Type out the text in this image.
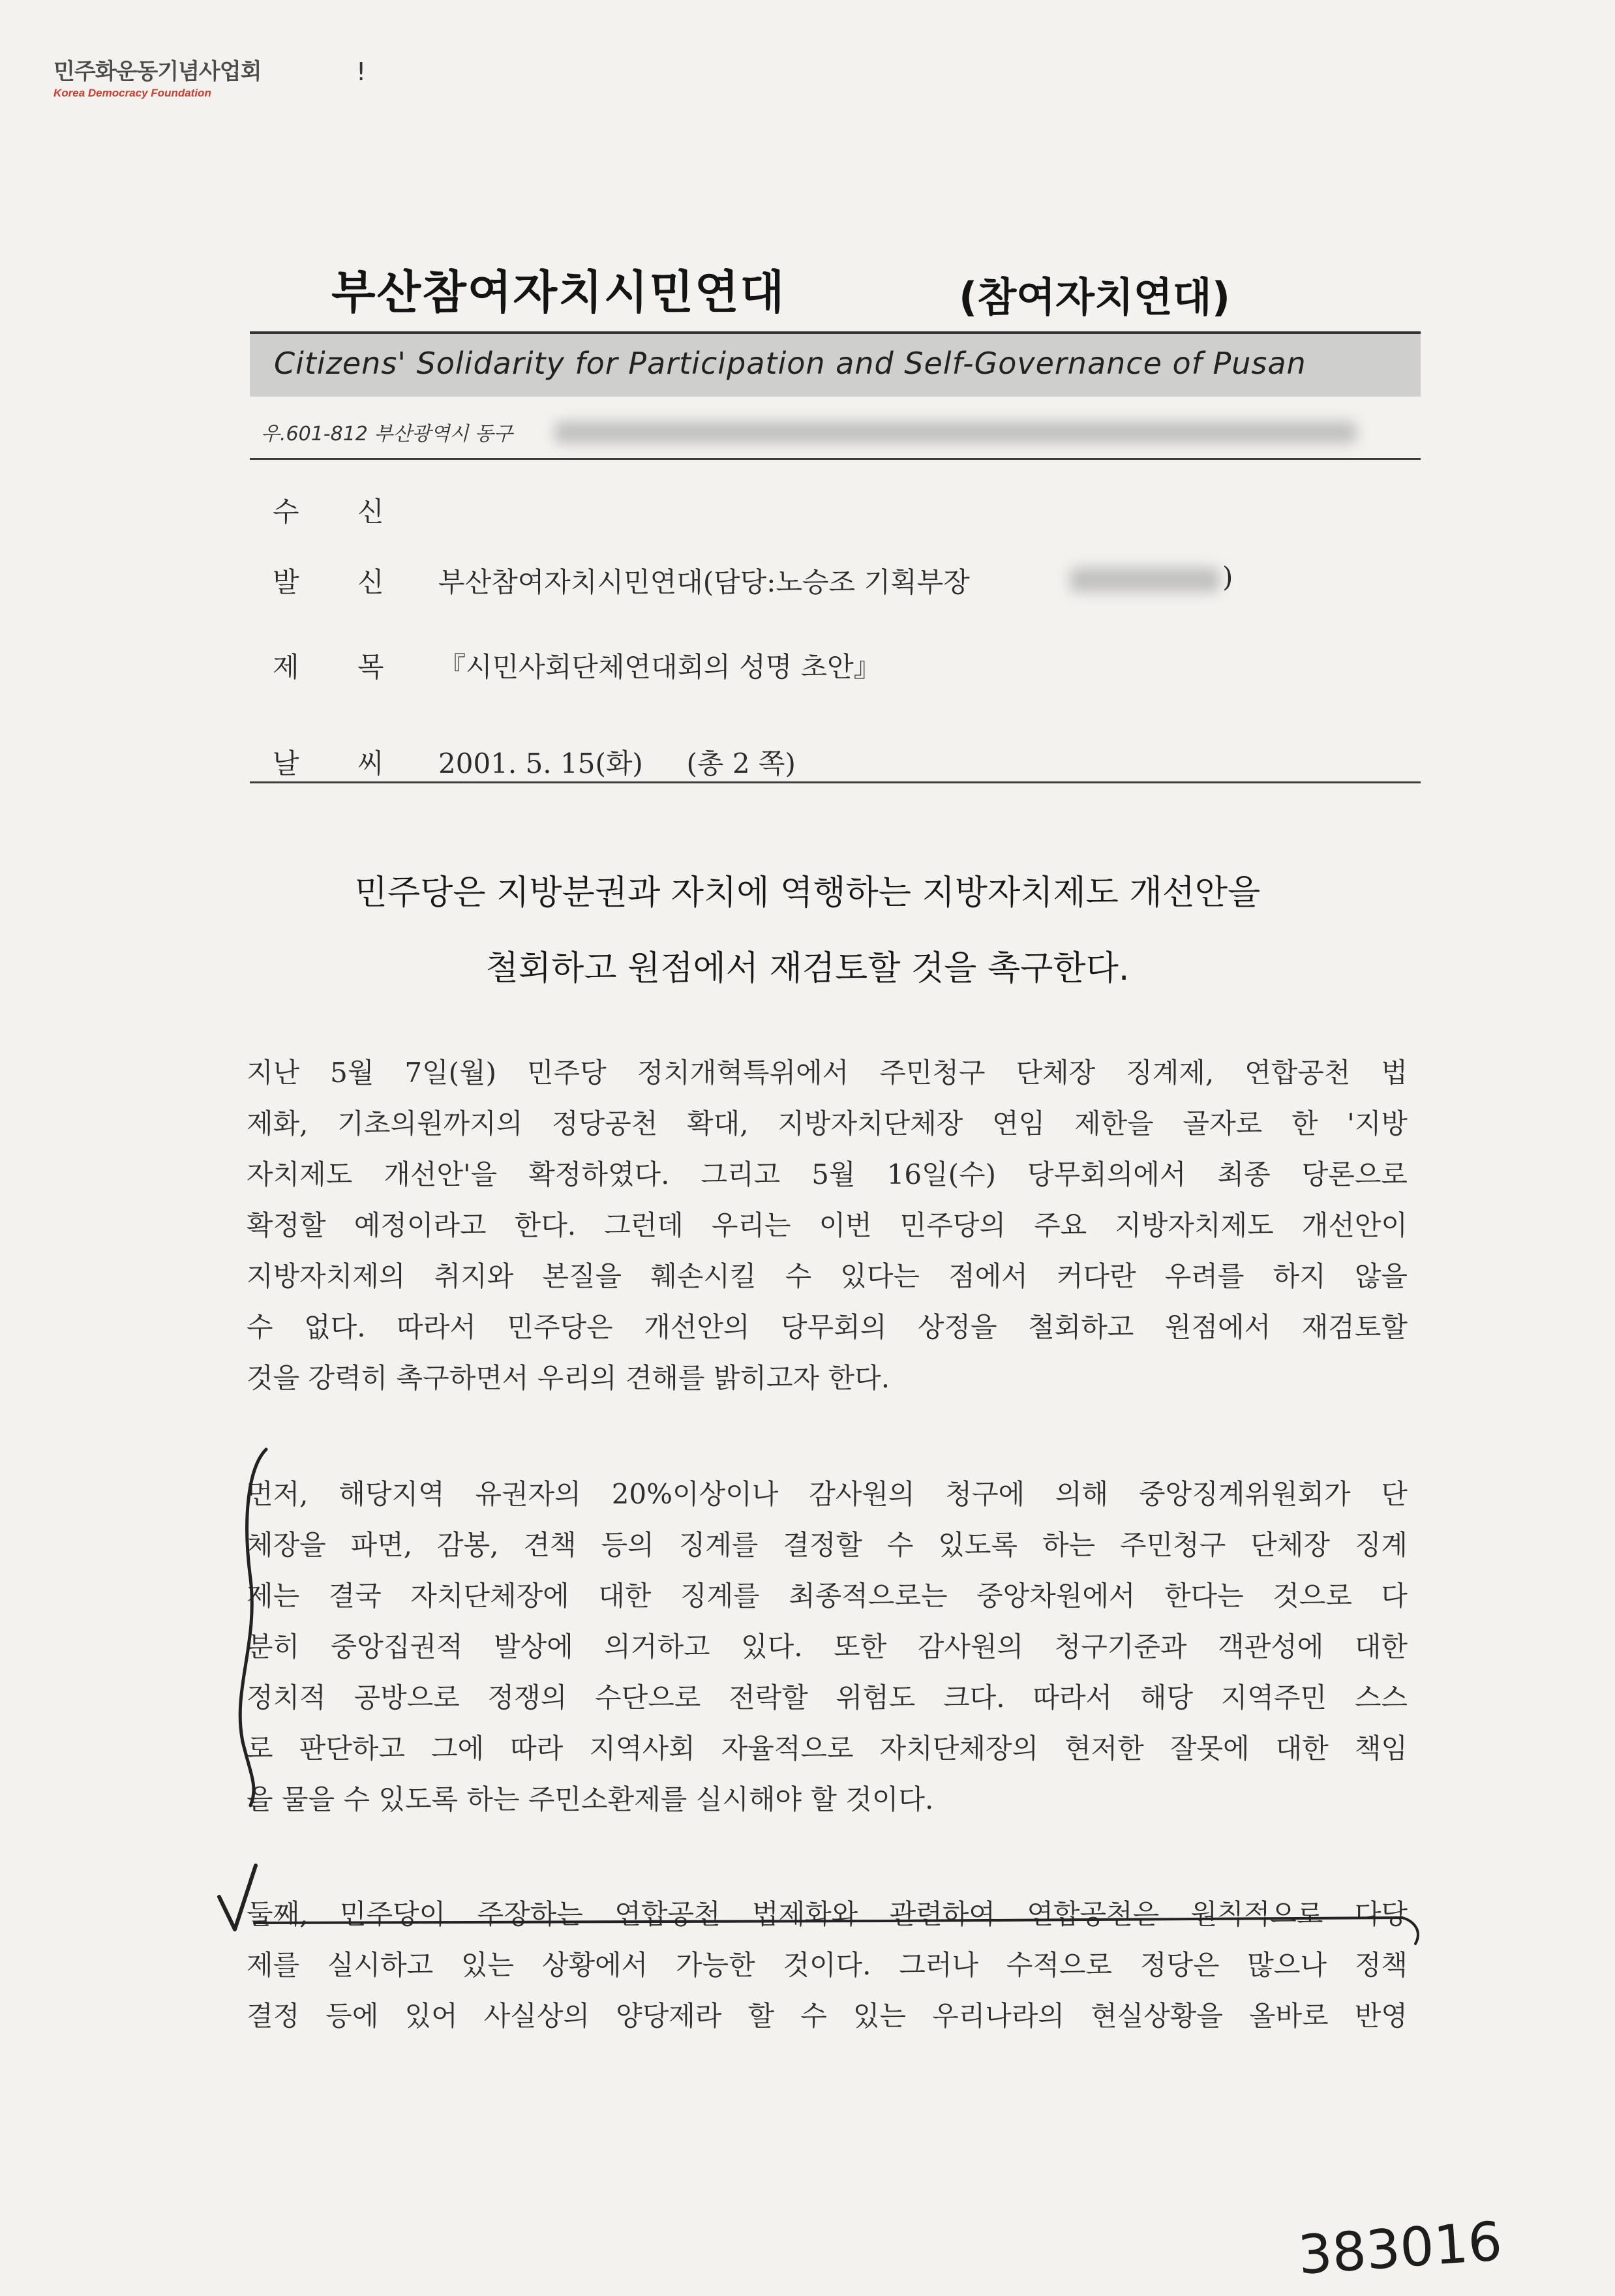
민주화운동기념사업회
Korea Democracy Foundation
ǃ
부산참여자치시민연대	(참여자치연대)
Citizens' Solidarity for Participation and Self-Governance of Pusan
우.601-812 부산광역시 동구
수 신
발 신 부산참여자치시민연대(담당:노승조 기획부장	)
제 목 『시민사회단체연대회의 성명 초안』
날 씨 2001. 5. 15(화)     (총 2 쪽)
민주당은 지방분권과 자치에 역행하는 지방자치제도 개선안을
철회하고 원점에서 재검토할 것을 촉구한다.
지난 5월 7일(월) 민주당 정치개혁특위에서 주민청구 단체장 징계제, 연합공천 법
제화, 기초의원까지의 정당공천 확대, 지방자치단체장 연임 제한을 골자로 한 '지방
자치제도 개선안'을 확정하였다. 그리고 5월 16일(수) 당무회의에서 최종 당론으로
확정할 예정이라고 한다. 그런데 우리는 이번 민주당의 주요 지방자치제도 개선안이
지방자치제의 취지와 본질을 훼손시킬 수 있다는 점에서 커다란 우려를 하지 않을
수 없다. 따라서 민주당은 개선안의 당무회의 상정을 철회하고 원점에서 재검토할
것을 강력히 촉구하면서 우리의 견해를 밝히고자 한다.
먼저, 해당지역 유권자의 20%이상이나 감사원의 청구에 의해 중앙징계위원회가 단
체장을 파면, 감봉, 견책 등의 징계를 결정할 수 있도록 하는 주민청구 단체장 징계
제는 결국 자치단체장에 대한 징계를 최종적으로는 중앙차원에서 한다는 것으로 다
분히 중앙집권적 발상에 의거하고 있다. 또한 감사원의 청구기준과 객관성에 대한
정치적 공방으로 정쟁의 수단으로 전락할 위험도 크다. 따라서 해당 지역주민 스스
로 판단하고 그에 따라 지역사회 자율적으로 자치단체장의 현저한 잘못에 대한 책임
을 물을 수 있도록 하는 주민소환제를 실시해야 할 것이다.
둘째, 민주당이 주장하는 연합공천 법제화와 관련하여 연합공천은 원칙적으로 다당
제를 실시하고 있는 상황에서 가능한 것이다. 그러나 수적으로 정당은 많으나 정책
결정 등에 있어 사실상의 양당제라 할 수 있는 우리나라의 현실상황을 올바로 반영
383016
